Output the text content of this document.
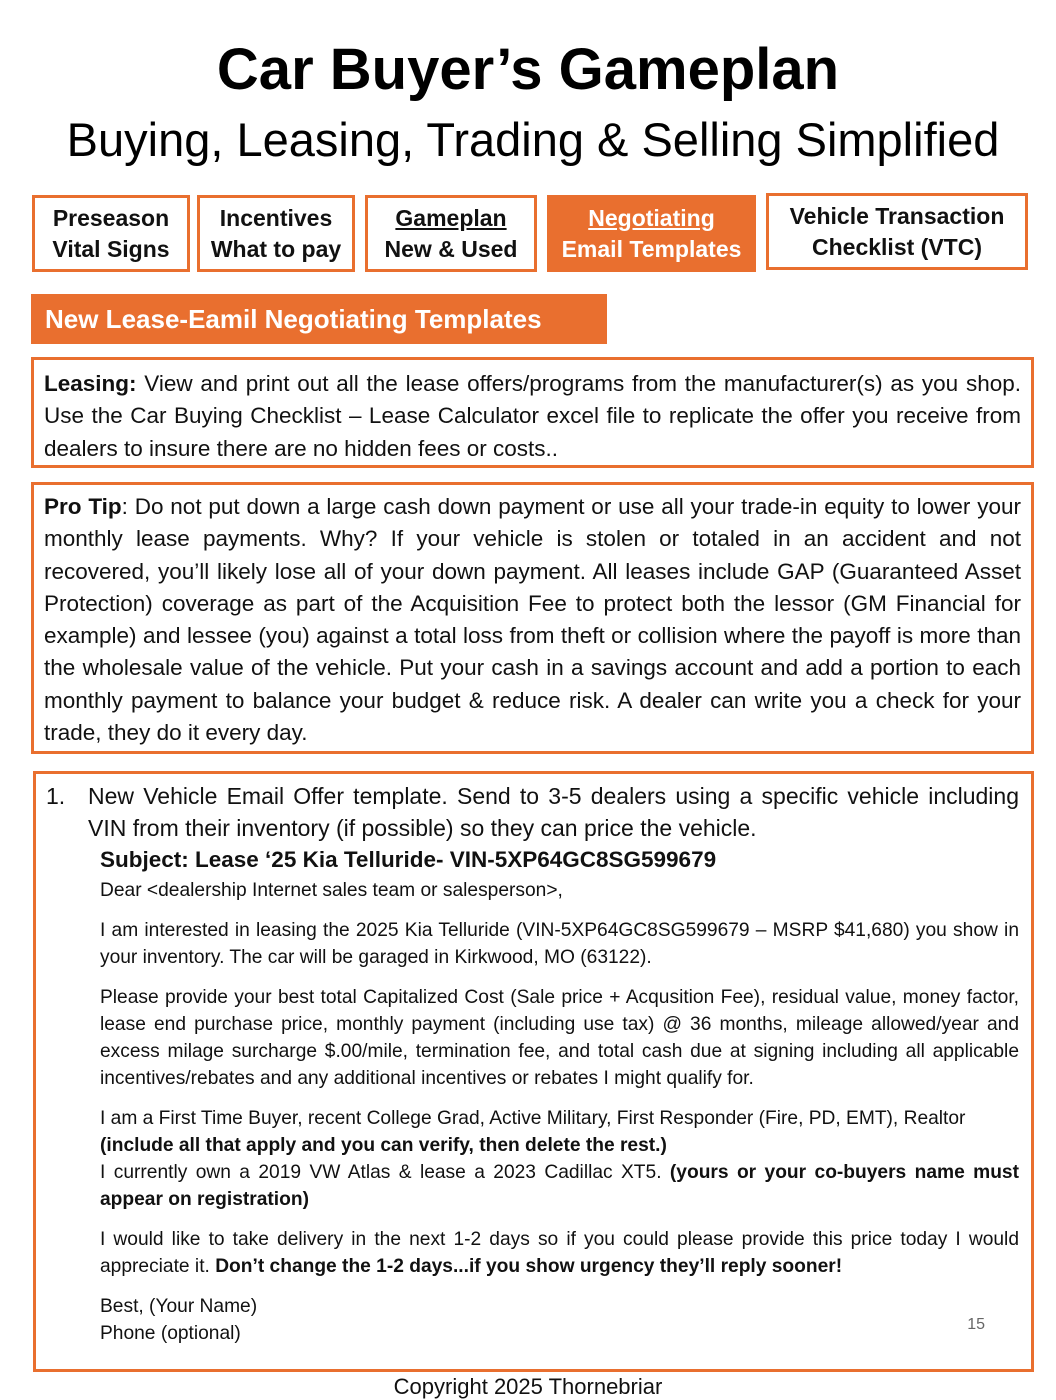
Car Buyer’s Gameplan
Buying, Leasing, Trading & Selling Simplified
Preseason
Vital Signs
Incentives
What to pay
Gameplan
New & Used
Negotiating
Email Templates
Vehicle Transaction
Checklist (VTC)
New Lease-Eamil Negotiating Templates
Leasing: View and print out all the lease offers/programs from the manufacturer(s) as you shop. Use the Car Buying Checklist – Lease Calculator excel file to replicate the offer you receive from dealers to insure there are no hidden fees or costs..
Pro Tip: Do not put down a large cash down payment or use all your trade-in equity to lower your monthly lease payments. Why? If your vehicle is stolen or totaled in an accident and not recovered, you’ll likely lose all of your down payment. All leases include GAP (Guaranteed Asset Protection) coverage as part of the Acquisition Fee to protect both the lessor (GM Financial for example) and lessee (you) against a total loss from theft or collision where the payoff is more than the wholesale value of the vehicle. Put your cash in a savings account and add a portion to each monthly payment to balance your budget & reduce risk. A dealer can write you a check for your trade, they do it every day.
1. New Vehicle Email Offer template. Send to 3-5 dealers using a specific vehicle including VIN from their inventory (if possible) so they can price the vehicle.
Subject: Lease ‘25 Kia Telluride- VIN-5XP64GC8SG599679

Dear <dealership Internet sales team or salesperson>,

I am interested in leasing the 2025 Kia Telluride (VIN-5XP64GC8SG599679 – MSRP $41,680) you show in your inventory. The car will be garaged in Kirkwood, MO (63122).

Please provide your best total Capitalized Cost (Sale price + Acqusition Fee), residual value, money factor, lease end purchase price, monthly payment (including use tax) @ 36 months, mileage allowed/year and excess milage surcharge $.00/mile, termination fee, and total cash due at signing including all applicable incentives/rebates and any additional incentives or rebates I might qualify for.

I am a First Time Buyer, recent College Grad, Active Military, First Responder (Fire, PD, EMT), Realtor
(include all that apply and you can verify, then delete the rest.)

I currently own a 2019 VW Atlas & lease a 2023 Cadillac XT5. (yours or your co-buyers name must appear on registration)

I would like to take delivery in the next 1-2 days so if you could please provide this price today I would appreciate it. Don’t change the 1-2 days...if you show urgency they’ll reply sooner!

Best, (Your Name)

Phone (optional)	15
Copyright 2025 Thornebriar
